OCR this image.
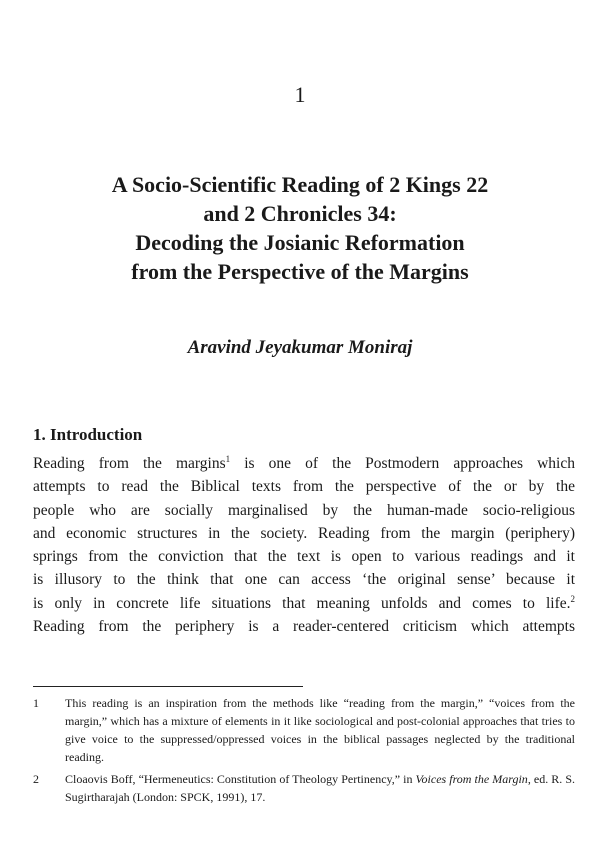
1
A Socio-Scientific Reading of 2 Kings 22
and 2 Chronicles 34:
Decoding the Josianic Reformation
from the Perspective of the Margins
Aravind Jeyakumar Moniraj
1. Introduction
Reading from the margins$^1$ is one of the Postmodern approaches which
attempts to read the Biblical texts from the perspective of the or by the
people who are socially marginalised by the human-made socio-religious
and economic structures in the society. Reading from the margin (periphery)
springs from the conviction that the text is open to various readings and it
is illusory to the think that one can access ‘the original sense’ because it
is only in concrete life situations that meaning unfolds and comes to life.$^2$
Reading from the periphery is a reader-centered criticism which attempts
1	This reading is an inspiration from the methods like “reading from the margin,” “voices from the margin,” which has a mixture of elements in it like sociological and post-colonial approaches that tries to give voice to the suppressed/oppressed voices in the biblical passages neglected by the traditional reading.
2	Cloaovis Boff, “Hermeneutics: Constitution of Theology Pertinency,” in Voices from the Margin, ed. R. S. Sugirtharajah (London: SPCK, 1991), 17.
